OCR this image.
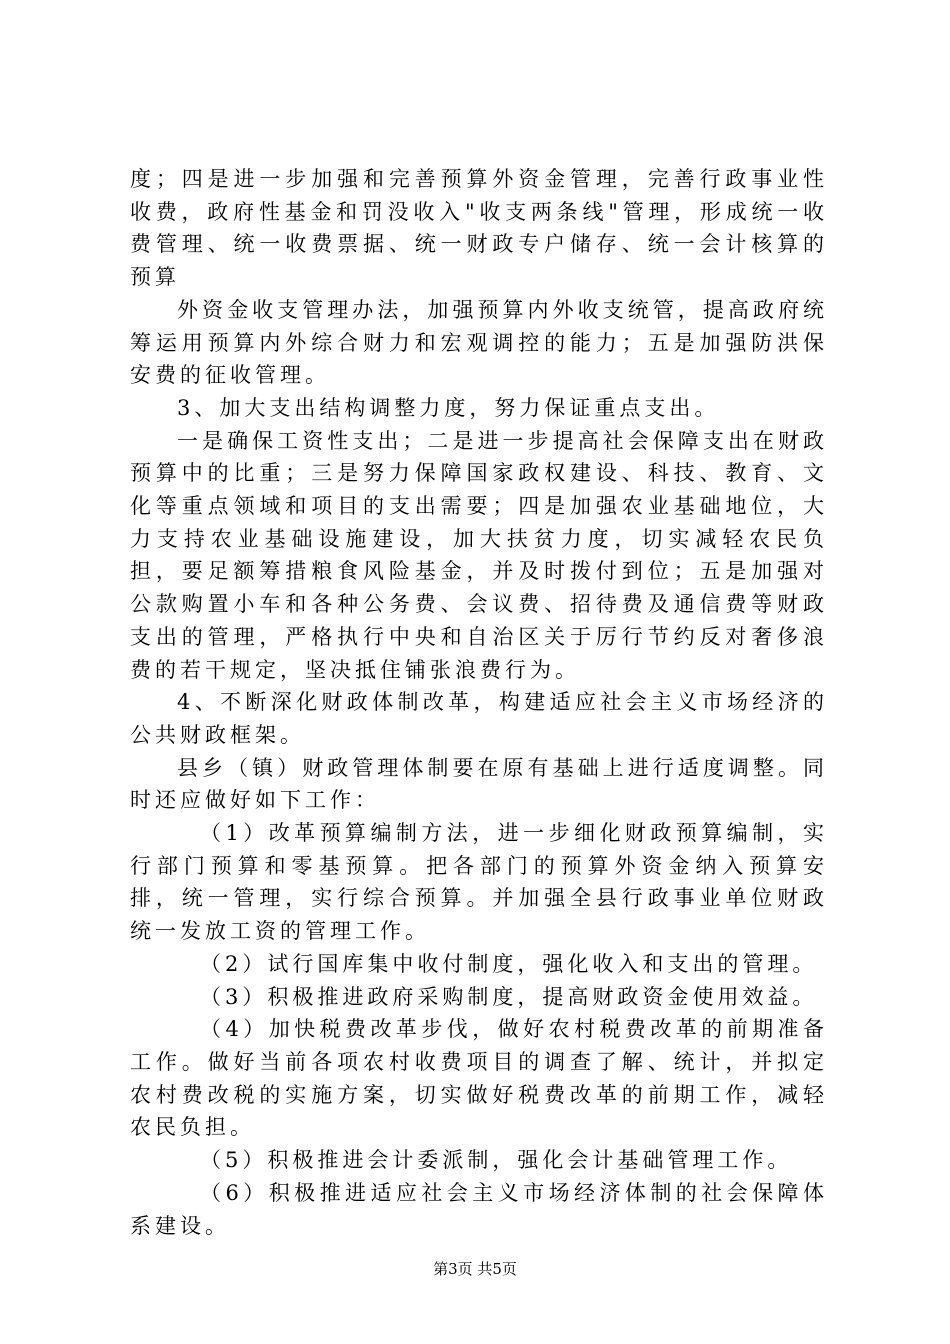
度；四是进一步加强和完善预算外资金管理，完善行政事业性收费，政府性基金和罚没收入"收支两条线"管理，形成统一收费管理、统一收费票据、统一财政专户储存、统一会计核算的预算

外资金收支管理办法，加强预算内外收支统管，提高政府统筹运用预算内外综合财力和宏观调控的能力；五是加强防洪保安费的征收管理。

3、加大支出结构调整力度，努力保证重点支出。

一是确保工资性支出；二是进一步提高社会保障支出在财政预算中的比重；三是努力保障国家政权建设、科技、教育、文化等重点领域和项目的支出需要；四是加强农业基础地位，大力支持农业基础设施建设，加大扶贫力度，切实减轻农民负担，要足额筹措粮食风险基金，并及时拨付到位；五是加强对公款购置小车和各种公务费、会议费、招待费及通信费等财政支出的管理，严格执行中央和自治区关于厉行节约反对奢侈浪费的若干规定，坚决抵住铺张浪费行为。

4、不断深化财政体制改革，构建适应社会主义市场经济的公共财政框架。

县乡（镇）财政管理体制要在原有基础上进行适度调整。同时还应做好如下工作：

（1）改革预算编制方法，进一步细化财政预算编制，实行部门预算和零基预算。把各部门的预算外资金纳入预算安排，统一管理，实行综合预算。并加强全县行政事业单位财政统一发放工资的管理工作。

（2）试行国库集中收付制度，强化收入和支出的管理。

（3）积极推进政府采购制度，提高财政资金使用效益。

（4）加快税费改革步伐，做好农村税费改革的前期准备工作。做好当前各项农村收费项目的调查了解、统计，并拟定农村费改税的实施方案，切实做好税费改革的前期工作，减轻农民负担。

（5）积极推进会计委派制，强化会计基础管理工作。

（6）积极推进适应社会主义市场经济体制的社会保障体系建设。

第3页 共5页
